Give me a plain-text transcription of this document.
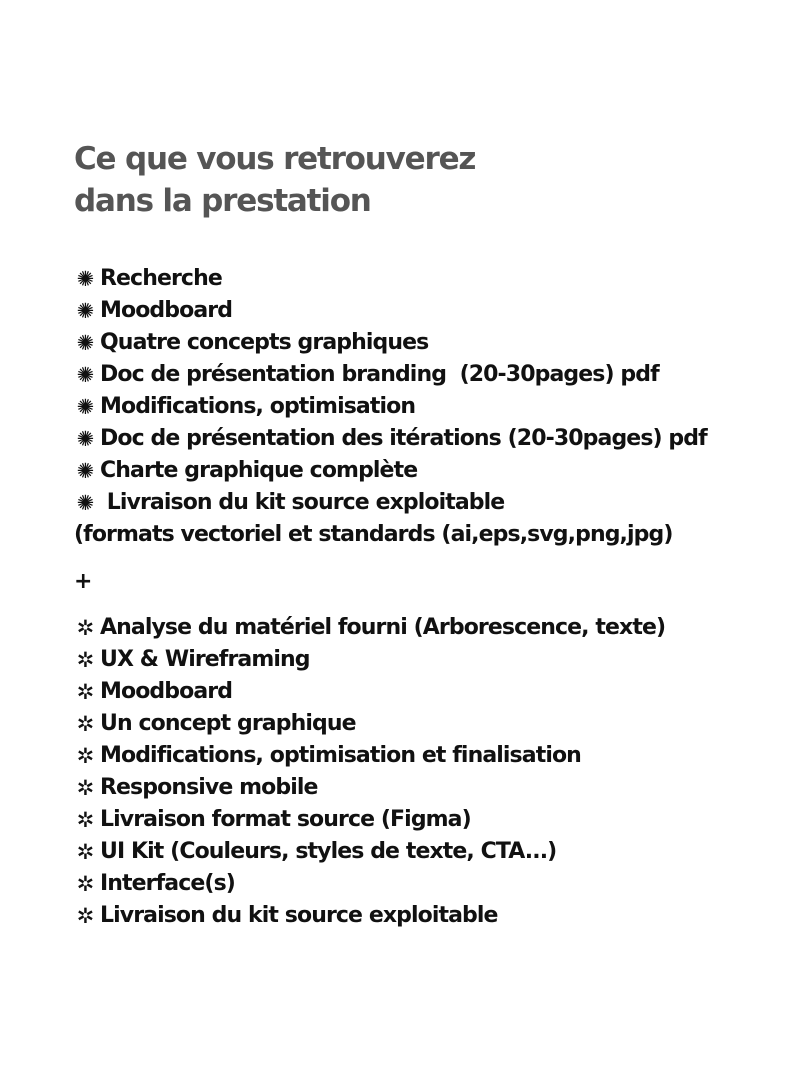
Ce que vous retrouverez
dans la prestation
✺ Recherche
✺ Moodboard
✺ Quatre concepts graphiques
✺ Doc de présentation branding  (20-30pages) pdf
✺ Modifications, optimisation
✺ Doc de présentation des itérations (20-30pages) pdf
✺ Charte graphique complète
✺ Livraison du kit source exploitable

(formats vectoriel et standards (ai,eps,svg,png,jpg)

+
✲ Analyse du matériel fourni (Arborescence, texte)
✲ UX & Wireframing
✲ Moodboard
✲ Un concept graphique
✲ Modifications, optimisation et finalisation
✲ Responsive mobile
✲ Livraison format source (Figma)
✲ UI Kit (Couleurs, styles de texte, CTA...)
✲ Interface(s)
✲ Livraison du kit source exploitable
